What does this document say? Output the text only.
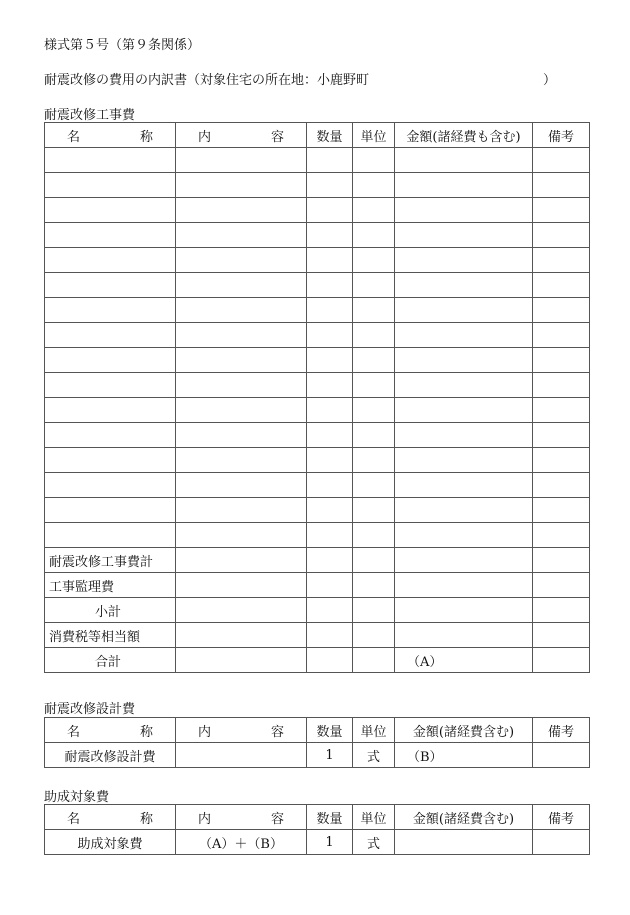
様式第５号（第９条関係）
耐震改修の費用の内訳書（対象住宅の所在地：小鹿野町	）
耐震改修工事費
名 称	内 容	数量	単位	金額(諸経費も含む)	備考

耐震改修工事費計					
工事監理費					
小計					
消費税等相当額					
合計				（A）	
耐震改修設計費
名 称	内 容	数量	単位	金額(諸経費含む)	備考
耐震改修設計費		1	式	（B）	
助成対象費
名 称	内 容	数量	単位	金額(諸経費含む)	備考
助成対象費	（A）＋（B）	1	式		
